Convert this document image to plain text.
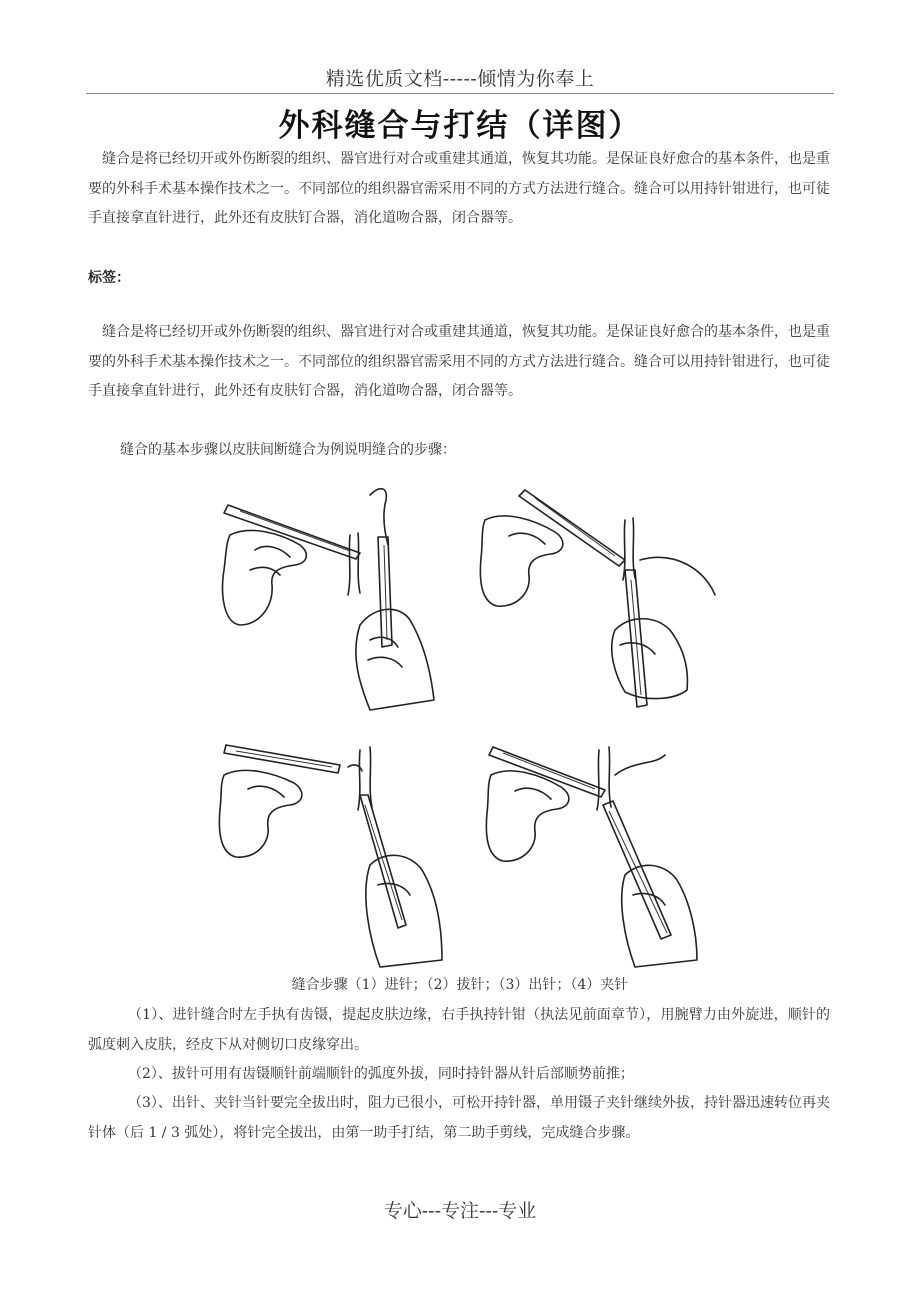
精选优质文档-----倾情为你奉上
外科缝合与打结（详图）

缝合是将已经切开或外伤断裂的组织、器官进行对合或重建其通道，恢复其功能。是保证良好愈合的基本条件，也是重要的外科手术基本操作技术之一。不同部位的组织器官需采用不同的方式方法进行缝合。缝合可以用持针钳进行，也可徒手直接拿直针进行，此外还有皮肤钉合器，消化道吻合器，闭合器等。

标签：

缝合是将已经切开或外伤断裂的组织、器官进行对合或重建其通道，恢复其功能。是保证良好愈合的基本条件，也是重要的外科手术基本操作技术之一。不同部位的组织器官需采用不同的方式方法进行缝合。缝合可以用持针钳进行，也可徒手直接拿直针进行，此外还有皮肤钉合器，消化道吻合器，闭合器等。

缝合的基本步骤以皮肤间断缝合为例说明缝合的步骤：

缝合步骤（1）进针；（2）拔针；（3）出针；（4）夹针

（1）、进针缝合时左手执有齿镊，提起皮肤边缘，右手执持针钳（执法见前面章节），用腕臂力由外旋进，顺针的弧度刺入皮肤，经皮下从对侧切口皮缘穿出。

（2）、拔针可用有齿镊顺针前端顺针的弧度外拔，同时持针器从针后部顺势前推；

（3）、出针、夹针当针要完全拔出时，阻力已很小，可松开持针器，单用镊子夹针继续外拔，持针器迅速转位再夹针体（后 1 / 3 弧处），将针完全拔出，由第一助手打结，第二助手剪线，完成缝合步骤。

专心---专注---专业
